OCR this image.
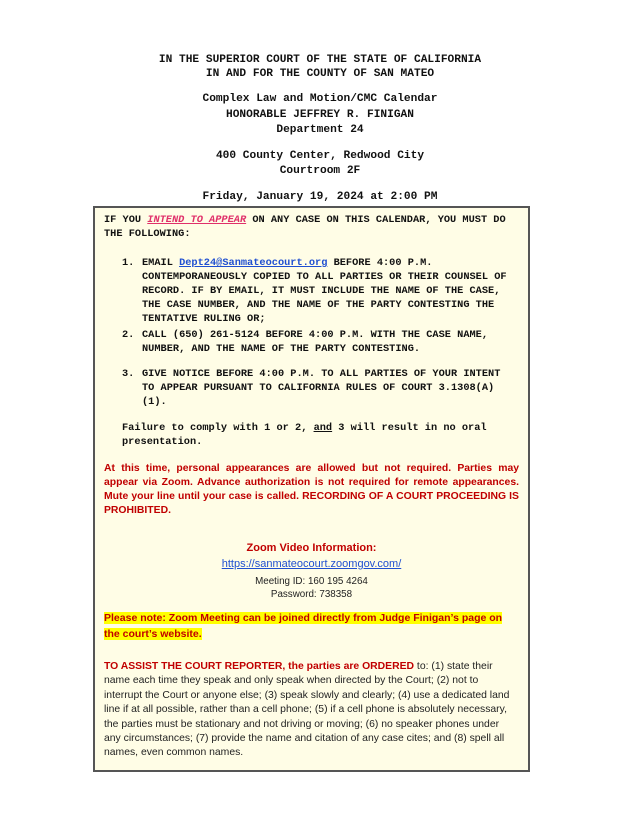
IN THE SUPERIOR COURT OF THE STATE OF CALIFORNIA
IN AND FOR THE COUNTY OF SAN MATEO
Complex Law and Motion/CMC Calendar
HONORABLE JEFFREY R. FINIGAN
Department 24
400 County Center, Redwood City
Courtroom 2F
Friday, January 19, 2024 at 2:00 PM
IF YOU INTEND TO APPEAR ON ANY CASE ON THIS CALENDAR, YOU MUST DO THE FOLLOWING:
1. EMAIL Dept24@Sanmateocourt.org BEFORE 4:00 P.M. CONTEMPORANEOUSLY COPIED TO ALL PARTIES OR THEIR COUNSEL OF RECORD. IF BY EMAIL, IT MUST INCLUDE THE NAME OF THE CASE, THE CASE NUMBER, AND THE NAME OF THE PARTY CONTESTING THE TENTATIVE RULING OR;
2. CALL (650) 261-5124 BEFORE 4:00 P.M. WITH THE CASE NAME, NUMBER, AND THE NAME OF THE PARTY CONTESTING.
3. GIVE NOTICE BEFORE 4:00 P.M. TO ALL PARTIES OF YOUR INTENT TO APPEAR PURSUANT TO CALIFORNIA RULES OF COURT 3.1308(A)(1).
Failure to comply with 1 or 2, and 3 will result in no oral presentation.
At this time, personal appearances are allowed but not required. Parties may appear via Zoom. Advance authorization is not required for remote appearances. Mute your line until your case is called. RECORDING OF A COURT PROCEEDING IS PROHIBITED.
Zoom Video Information:
https://sanmateocourt.zoomgov.com/
Meeting ID: 160 195 4264
Password: 738358
Please note: Zoom Meeting can be joined directly from Judge Finigan’s page on the court’s website.
TO ASSIST THE COURT REPORTER, the parties are ORDERED to: (1) state their name each time they speak and only speak when directed by the Court; (2) not to interrupt the Court or anyone else; (3) speak slowly and clearly; (4) use a dedicated land line if at all possible, rather than a cell phone; (5) if a cell phone is absolutely necessary, the parties must be stationary and not driving or moving; (6) no speaker phones under any circumstances; (7) provide the name and citation of any case cites; and (8) spell all names, even common names.
